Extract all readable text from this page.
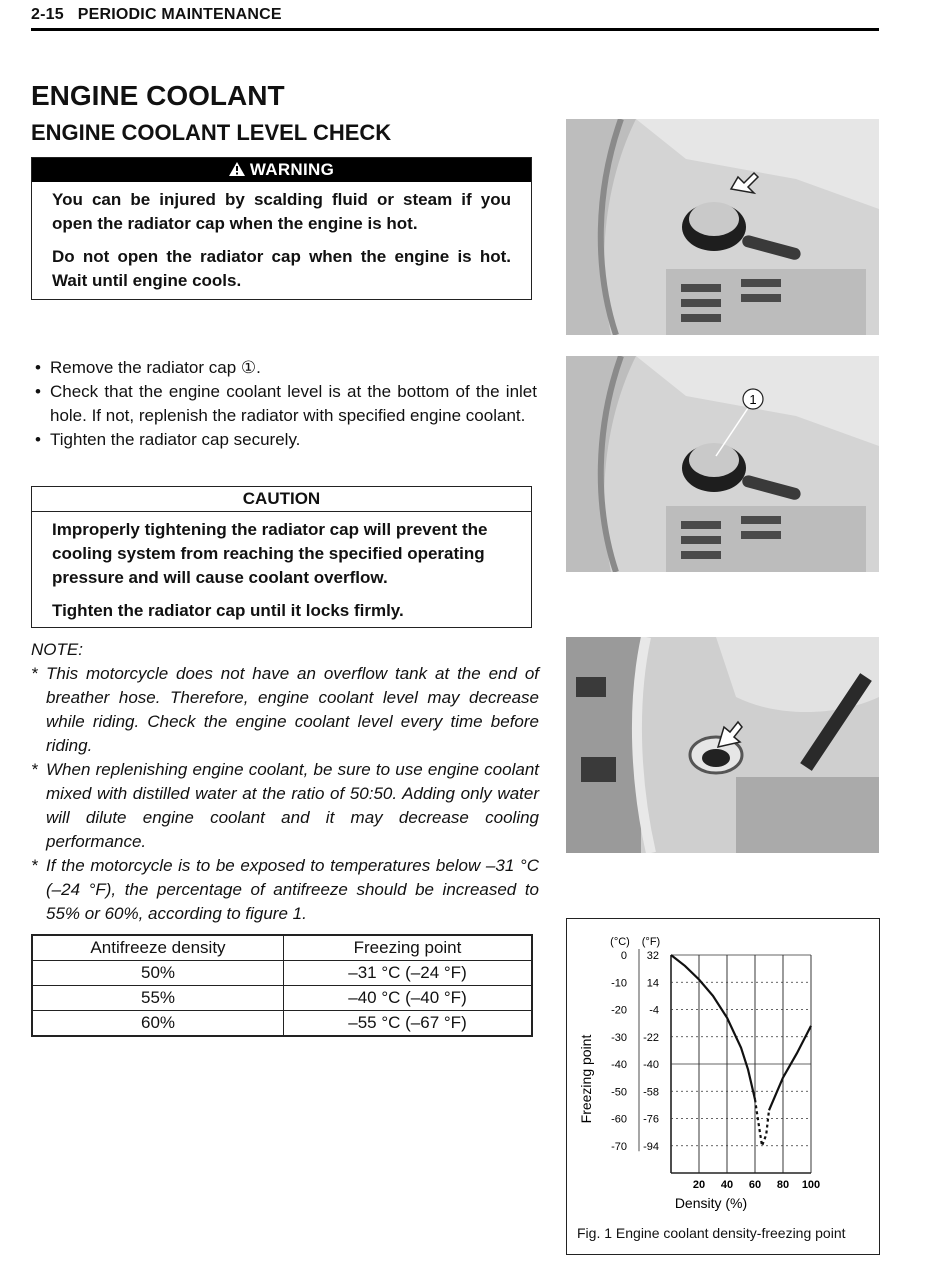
2-15 PERIODIC MAINTENANCE
ENGINE COOLANT
ENGINE COOLANT LEVEL CHECK
WARNING

You can be injured by scalding fluid or steam if you open the radiator cap when the engine is hot.

Do not open the radiator cap when the engine is hot. Wait until engine cools.

• Remove the radiator cap ①.
• Check that the engine coolant level is at the bottom of the inlet hole. If not, replenish the radiator with specified engine coolant.
• Tighten the radiator cap securely.
CAUTION

Improperly tightening the radiator cap will prevent the cooling system from reaching the specified operating pressure and will cause coolant overflow.

Tighten the radiator cap until it locks firmly.

NOTE:
* This motorcycle does not have an overflow tank at the end of breather hose. Therefore, engine coolant level may decrease while riding. Check the engine coolant level every time before riding.
* When replenishing engine coolant, be sure to use engine coolant mixed with distilled water at the ratio of 50:50. Adding only water will dilute engine coolant and it may decrease cooling performance.
* If the motorcycle is to be exposed to temperatures below –31 °C (–24 °F), the percentage of antifreeze should be increased to 55% or 60%, according to figure 1.
Antifreeze density	Freezing point
50%	–31 °C (–24 °F)
55%	–40 °C (–40 °F)
60%	–55 °C (–67 °F)
1
Freezing point
(°C) (°F)
Density (%)
0 32
-10 14
-20 -4
-30 -22
-40 -40
-50 -58
-60 -76
-70 -94
20 40 60 80 100
Fig. 1 Engine coolant density-freezing point
